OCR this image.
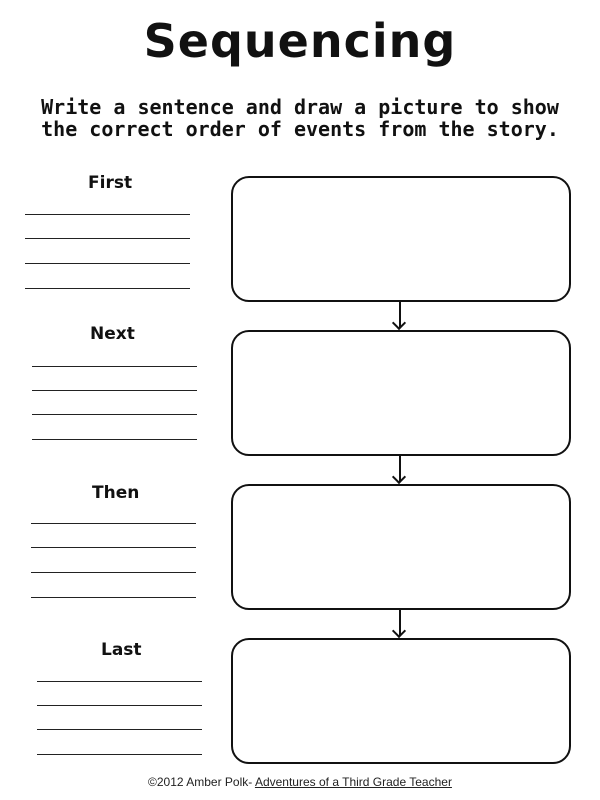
Sequencing
Write a sentence and draw a picture to show the correct order of events from the story.
First
Next
Then
Last
©2012 Amber Polk- Adventures of a Third Grade Teacher
